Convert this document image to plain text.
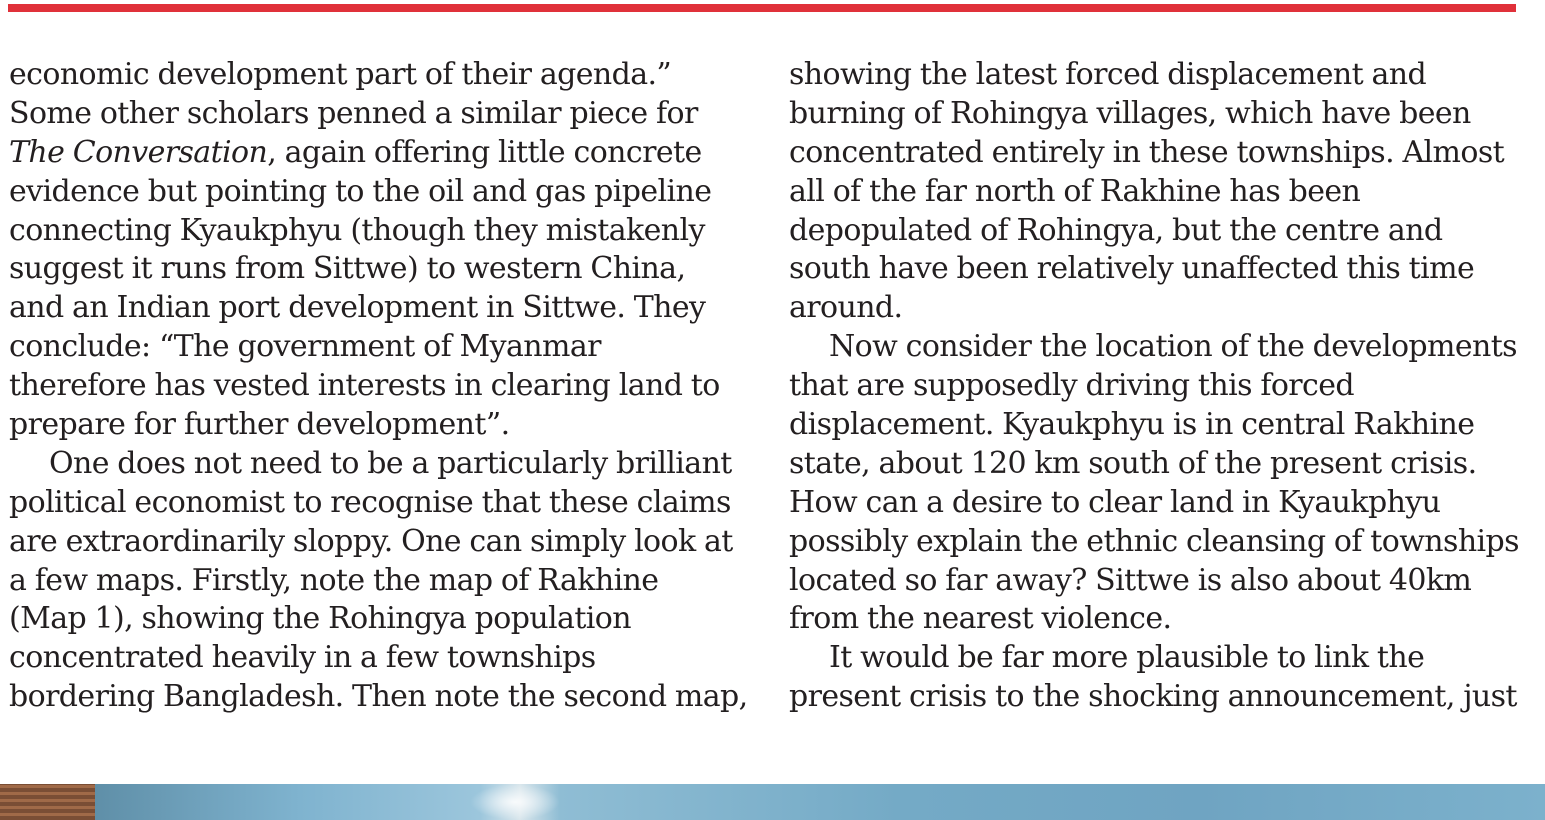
economic development part of their agenda.”
Some other scholars penned a similar piece for
The Conversation, again offering little concrete
evidence but pointing to the oil and gas pipeline
connecting Kyaukphyu (though they mistakenly
suggest it runs from Sittwe) to western China,
and an Indian port development in Sittwe. They
conclude: “The government of Myanmar
therefore has vested interests in clearing land to
prepare for further development”.
One does not need to be a particularly brilliant
political economist to recognise that these claims
are extraordinarily sloppy. One can simply look at
a few maps. Firstly, note the map of Rakhine
(Map 1), showing the Rohingya population
concentrated heavily in a few townships
bordering Bangladesh. Then note the second map,
showing the latest forced displacement and
burning of Rohingya villages, which have been
concentrated entirely in these townships. Almost
all of the far north of Rakhine has been
depopulated of Rohingya, but the centre and
south have been relatively unaffected this time
around.
Now consider the location of the developments
that are supposedly driving this forced
displacement. Kyaukphyu is in central Rakhine
state, about 120 km south of the present crisis.
How can a desire to clear land in Kyaukphyu
possibly explain the ethnic cleansing of townships
located so far away? Sittwe is also about 40km
from the nearest violence.
It would be far more plausible to link the
present crisis to the shocking announcement, just
